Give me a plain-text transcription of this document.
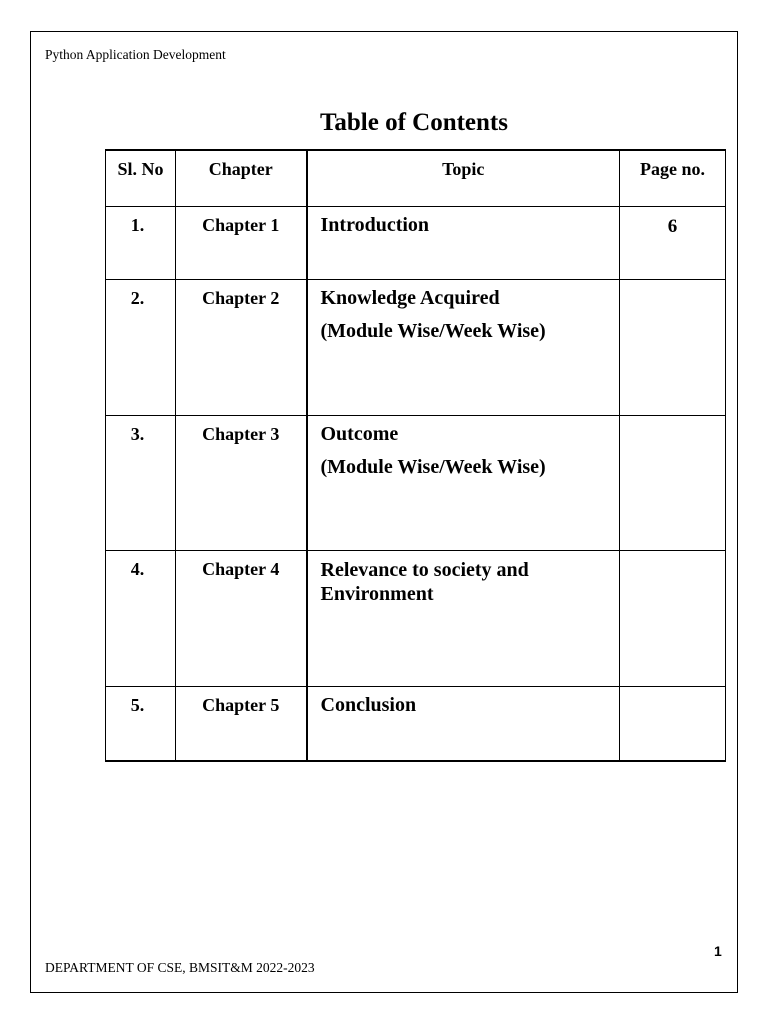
Python Application Development
Table of Contents
Sl. No	Chapter	Topic	Page no.
1.	Chapter 1	Introduction	6
2.	Chapter 2	Knowledge Acquired
(Module Wise/Week Wise)	

3.	Chapter 3	Outcome
(Module Wise/Week Wise)	

4.	Chapter 4	Relevance to society and Environment	

5.	Chapter 5	Conclusion	
1
DEPARTMENT OF CSE, BMSIT&M 2022-2023
